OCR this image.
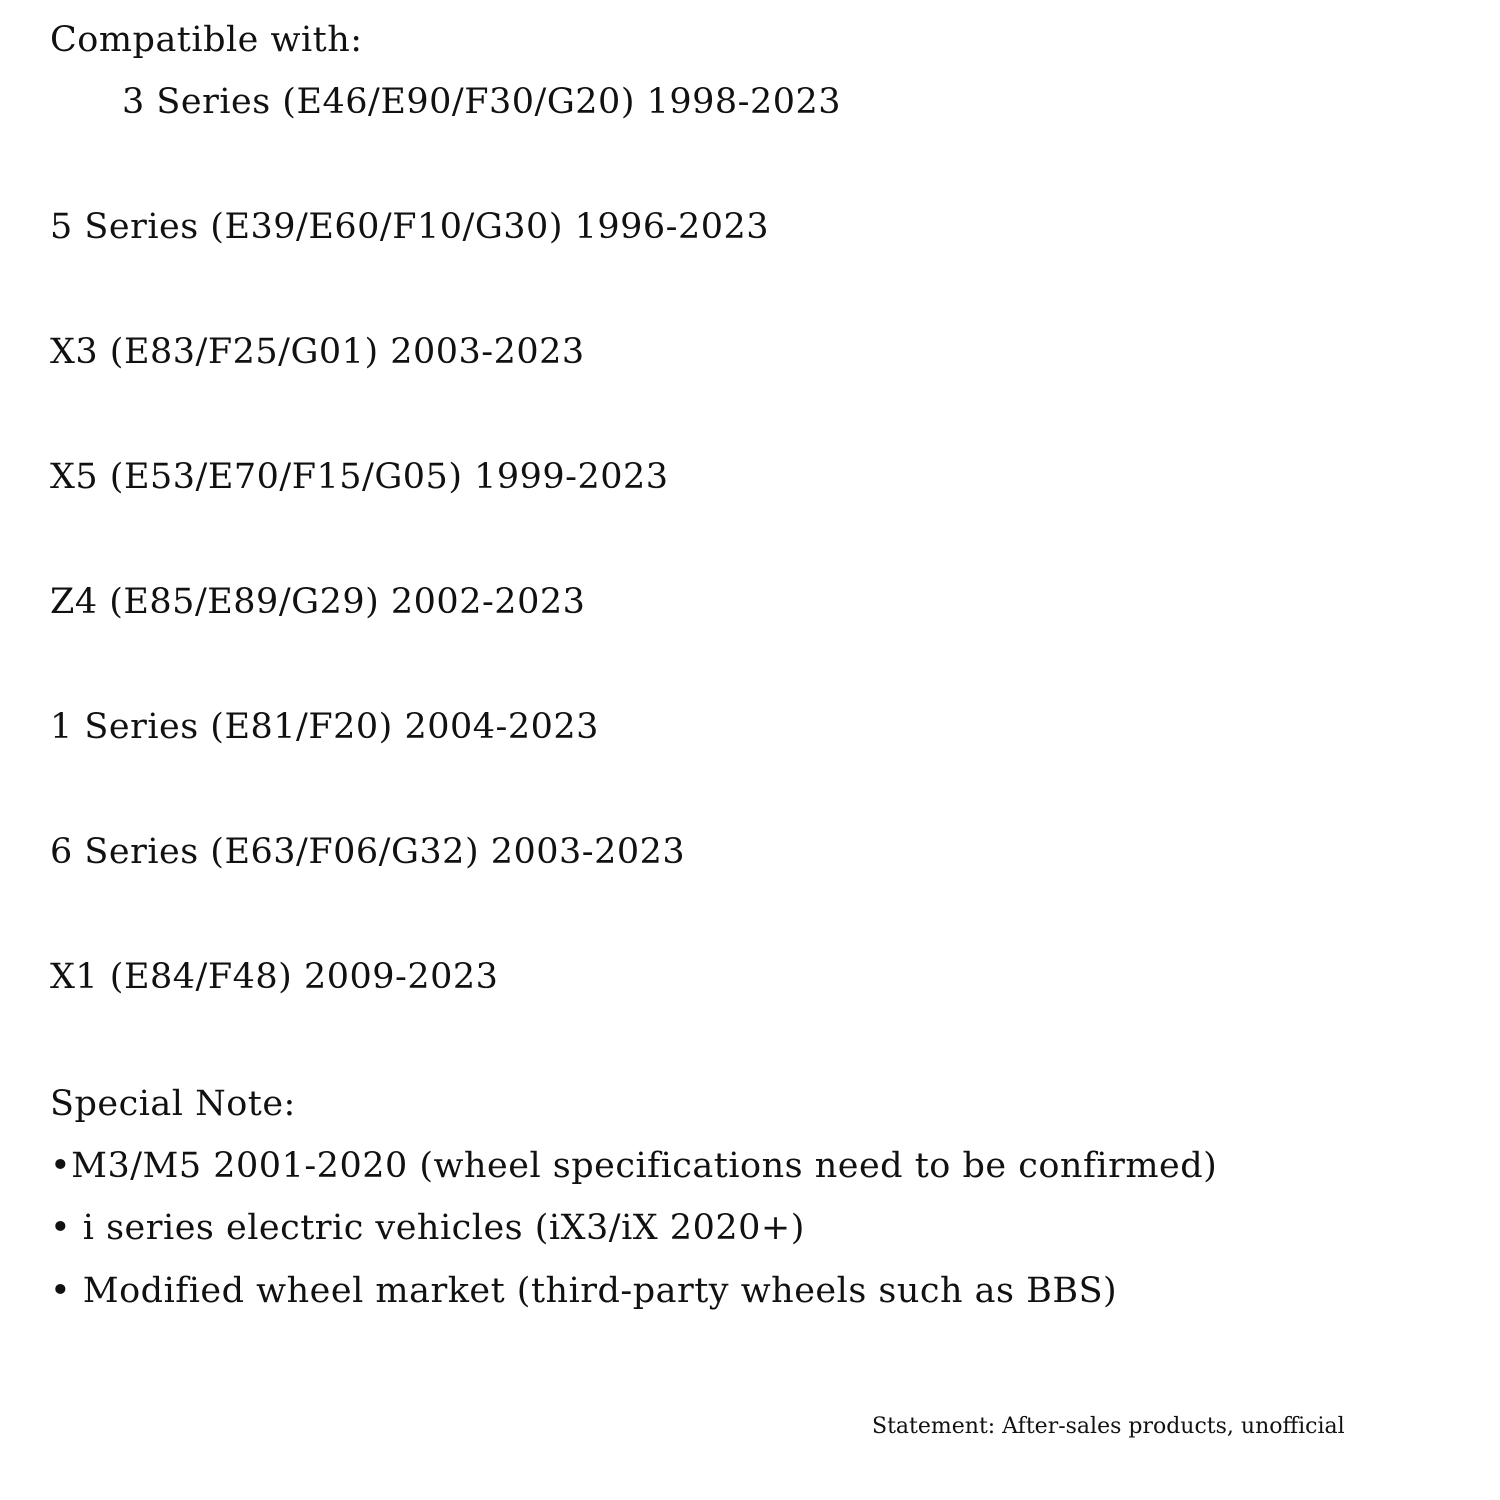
Compatible with:
3 Series (E46/E90/F30/G20) 1998-2023
5 Series (E39/E60/F10/G30) 1996-2023
X3 (E83/F25/G01) 2003-2023
X5 (E53/E70/F15/G05) 1999-2023
Z4 (E85/E89/G29) 2002-2023
1 Series (E81/F20) 2004-2023
6 Series (E63/F06/G32) 2003-2023
X1 (E84/F48) 2009-2023
Special Note:
•M3/M5 2001-2020 (wheel specifications need to be confirmed)
• i series electric vehicles (iX3/iX 2020+)
• Modified wheel market (third-party wheels such as BBS)
Statement: After-sales products, unofficial
